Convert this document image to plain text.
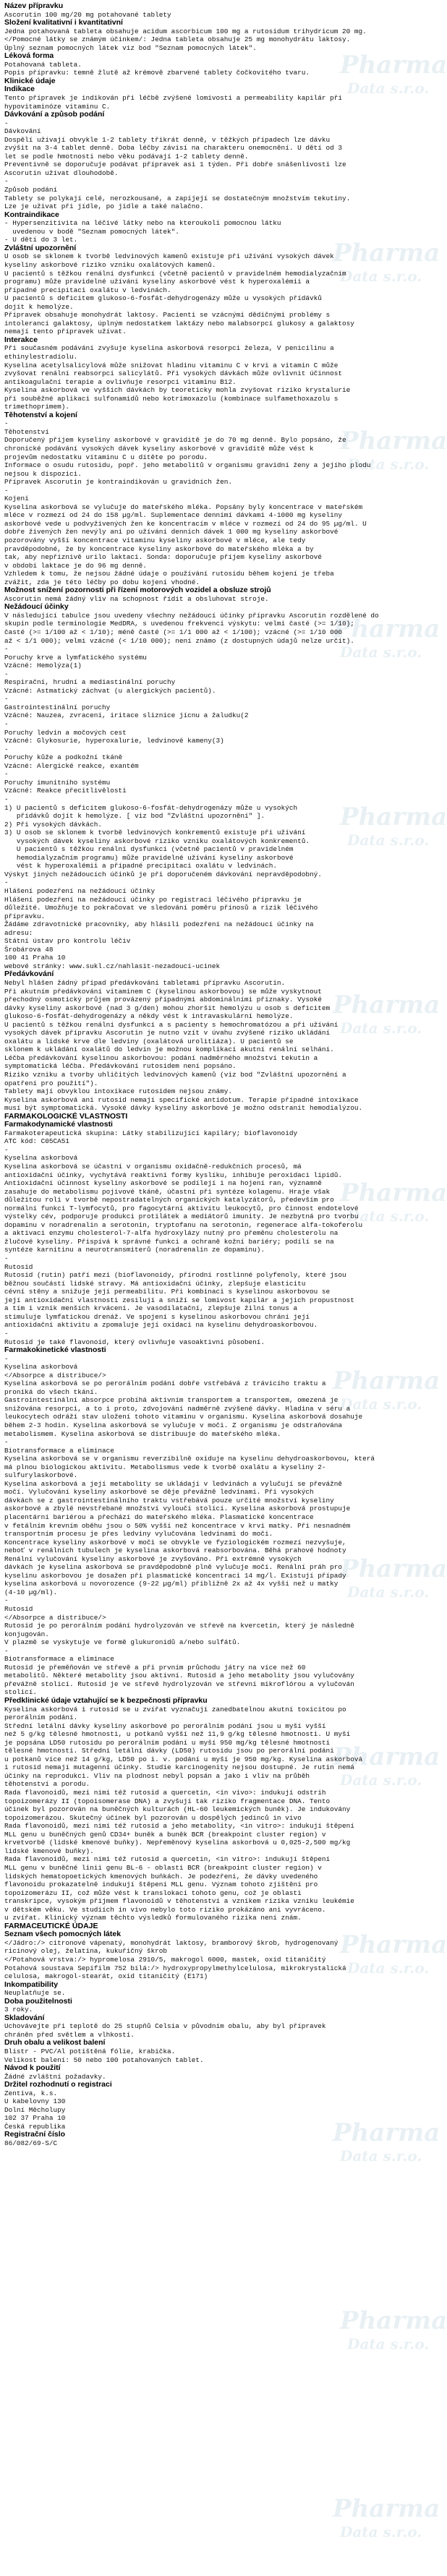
Pharma
Data s.r.o.
Pharma
Data s.r.o.
Pharma
Data s.r.o.
Pharma
Data s.r.o.
Pharma
Data s.r.o.
Pharma
Data s.r.o.
Pharma
Data s.r.o.
Pharma
Data s.r.o.
Pharma
Data s.r.o.
Pharma
Data s.r.o.
Pharma
Data s.r.o.
Pharma
Data s.r.o.
Pharma
Data s.r.o.
Pharma
Data s.r.o.
Název přípravku
Ascorutin 100 mg/20 mg potahované tablety
Složení kvalitativní i kvantitativní
Jedna potahovaná tableta obsahuje acidum ascorbicum 100 mg a rutosidum trihydricum 20 mg.
</Pomocné látky se známým účinkem/: Jedna tableta obsahuje 25 mg monohydrátu laktosy.
Úplný seznam pomocných látek viz bod "Seznam pomocných látek".
Léková forma
Potahovaná tableta.
Popis přípravku: temně žlutě až krémově zbarvené tablety čočkovitého tvaru.
Klinické údaje
Indikace
Tento přípravek je indikován při léčbě zvýšené lomivosti a permeability kapilár při
hypovitaminóze vitaminu C.
Dávkování a způsob podání
-
Dávkování
Dospělí užívají obvykle 1-2 tablety třikrát denně, v těžkých případech lze dávku
zvýšit na 3-4 tablet denně. Doba léčby závisí na charakteru onemocnění. U dětí od 3
let se podle hmotnosti nebo věku podávají 1-2 tablety denně.
Preventivně se doporučuje podávat přípravek asi 1 týden. Při dobře snášenlivosti lze
Ascorutin užívat dlouhodobě.
-
Způsob podání
Tablety se polykají celé, nerozkousané, a zapíjejí se dostatečným množstvím tekutiny.
Lze je užívat při jídle, po jídle a také nalačno.
Kontraindikace
- Hypersenzitivita na léčivé látky nebo na kteroukoli pomocnou látku
uvedenou v bodě "Seznam pomocných látek".
- U dětí do 3 let.
Zvláštní upozornění
U osob se sklonem k tvorbě ledvinových kamenů existuje při užívání vysokých dávek
kyseliny askorbové riziko vzniku oxalátových kamenů.
U pacientů s těžkou renální dysfunkcí (včetně pacientů v pravidelném hemodialyzačním
programu) může pravidelné užívání kyseliny askorbové vést k hyperoxalémii a
případné precipitaci oxalátu v ledvinách.
U pacientů s deficitem glukoso-6-fosfát-dehydrogenázy může u vysokých přídávků
dojít k hemolýze.
Přípravek obsahuje monohydrát laktosy. Pacienti se vzácnými dědičnými problémy s
intolerancí galaktosy, úplným nedostatkem laktázy nebo malabsorpcí glukosy a galaktosy
nemají tento přípravek užívat.
Interakce
Při současném podávání zvyšuje kyselina askorbová resorpci železa, V penicilinu a
ethinylestradiolu.
Kyselina acetylsalicylová může snižovat hladinu vitaminu C v krvi a vitamin C může
zvyšovat renální reabsorpci salicylátů. Při vysokých dávkách může ovlivnit účinnost
antikoagulační terapie a ovlivňuje resorpci vitaminu B12.
Kyselina askorbová ve vyšších dávkách by teoreticky mohla zvyšovat riziko krystalurie
při souběžné aplikaci sulfonamidů nebo kotrimoxazolu (kombinace sulfamethoxazolu s
trimethoprimem).
Těhotenství a kojení
-
Těhotenství
Doporučený příjem kyseliny askorbové v graviditě je do 70 mg denně. Bylo popsáno, že
chronické podávání vysokých dávek kyseliny askorbové v graviditě může vést k
projevům nedostatku vitaminu C u dítěte po porodu.
Informace o osudu rutosidu, popř. jeho metabolitů v organismu gravidní ženy a jejího plodu
nejsou k dispozici.
Přípravek Ascorutin je kontraindikován u gravidních žen.
-
Kojení
Kyselina askorbová se vylučuje do mateřského mléka. Popsány byly koncentrace v mateřském
mléce v rozmezí od 24 do 158 µg/ml. Suplementace dennímí dávkami 4-1000 mg kyseliny
askorbové vede u podvyživených žen ke koncentracím v mléce v rozmezí od 24 do 95 µg/ml. U
dobře živených žen nevýly ani po užívání denních dávek 1 000 mg kyseliny askorbové
pozorovány vyšší koncentrace vitaminu kyseliny askorbové v mléce, ale tedy
pravděpodobné, že by koncentrace kyseliny askorbové do mateřského mléka a by
tak, aby nepříznivě urilo laktaci. Sonda: doporučuje příjem kyseliny askorbové
v období laktace je do 96 mg denně.
Vzhledem k tomu, že nejsou žádné údaje o používání rutosidu během kojení je třeba
zvážit, zda je této léčby po dobu kojení vhodné.
Možnost snížení pozornosti při řízení motorových vozidel a obsluze strojů
Ascorutin nemá žádný vliv na schopnost řídit a obsluhovat stroje.
Nežádoucí účinky
V následující tabulce jsou uvedeny všechny nežádoucí účinky přípravku Ascorutin rozdělené do
skupin podle terminologie MedDRA, s uvedenou frekvencí výskytu: velmi časté (>= 1/10);
časté (>= 1/100 až < 1/10); méně časté (>= 1/1 000 až < 1/100); vzácné (>= 1/10 000
až < 1/1 000); velmi vzácné (< 1/10 000); není známo (z dostupných údajů nelze určit).
-
Poruchy krve a lymfatického systému
Vzácné: Hemolýza(1)
-
Respirační, hrudní a mediastinální poruchy
Vzácné: Astmatický záchvat (u alergických pacientů).
-
Gastrointestinální poruchy
Vzácné: Nauzea, zvracení, iritace sliznice jícnu a žaludku(2
-
Poruchy ledvin a močových cest
Vzácné: Glykosurie, hyperoxalurie, ledvinové kameny(3)
-
Poruchy kůže a podkožní tkáně
Vzácné: Alergické reakce, exantém
-
Poruchy imunitního systému
Vzácné: Reakce přecitlivělosti
-
1) U pacientů s deficitem glukoso-6-fosfát-dehydrogenázy může u vysokých
přídávků dojít k hemolýze. [ viz bod "Zvláštní upozornění" ].
2) Při vysokých dávkách.
3) U osob se sklonem k tvorbě ledvinových konkrementů existuje při užívání
vysokých dávek kyseliny askorbové riziko vzniku oxalátových konkrementů.
U pacientů s těžkou renální dysfunkcí (včetně pacientů v pravidelném
hemodialyzačním programu) může pravidelné užívání kyseliny askorbové
vést k hyperoxalémii a případné precipitaci oxalátu v ledvinách.
Výskyt jiných nežádoucích účinků je při doporučeném dávkování nepravděpodobný.
-
Hlášení podezření na nežádoucí účinky
Hlášení podezření na nežádoucí účinky po registraci léčivého přípravku je
důležité. Umožňuje to pokračovat ve sledování poměru přínosů a rizik léčivého
přípravku.
Žádáme zdravotnické pracovníky, aby hlásili podezření na nežádoucí účinky na
adresu:
Státní ústav pro kontrolu léčiv
Šrobárova 48
100 41 Praha 10
webové stránky: www.sukl.cz/nahlasit-nezadouci-ucinek
Předávkování
Nebyl hlášen žádný případ předávkování tabletami přípravku Ascorutin.
Při akutním předávkování vitaminem C (kyselinou askorbovou) se může vyskytnout
přechodný osmotický průjem provázený případnými abdominálními příznaky. Vysoké
dávky kyseliny askorbové (nad 3 g/den) mohou zhoršit hemolýzu u osob s deficitem
glukoso-6-fosfát-dehydrogenázy a někdy vést k intravaskulární hemolýze.
U pacientů s těžkou renální dysfunkcí a s pacienty s hemochromatózou a při užívání
vysokých dávek přípravku Ascorutin je nutno vzít v úvahu zvýšené riziko ukládání
oxalátu a lidské krve dle ledviny (oxalátová urolitiáza). U pacientů se
sklonem k ukládání oxalátů do ledvin je možnou komplikací akutní renální selhání.
Léčba předávkování kyselinou askorbovou: podání nadměrného množství tekutin a
symptomatická léčba. Předávkování rutosidem není popsáno.
Riziko vzniku a tvorby uhličitých ledvinových kamenů (viz bod "Zvláštní upozornění a
opatření pro použití").
Tablety mají obvyklou intoxikace rutosidem nejsou známy.
Kyselina askorbová ani rutosid nemají specifické antidotum. Terapie případné intoxikace
musí být symptomatická. Vysoké dávky kyseliny askorbové je možno odstranit hemodialýzou.
FARMAKOLOGICKÉ VLASTNOSTI
Farmakodynamické vlastnosti
Farmakoterapeutická skupina: Látky stabilizující kapiláry; bioflavonoidy
ATC kód: C05CA51
-
Kyselina askorbová
Kyselina askorbová se účastní v organismu oxidačně-redukčních procesů, má
antioxidační účinky, vychytává reaktivní formy kyslíku, inhibuje peroxidaci lipidů.
Antioxidační účinnost kyseliny askorbové se podílejí i na hojení ran, významně
zasahuje do metabolismu pojivové tkáně, účastní při syntéze kolagenu. Hraje však
důležitou roli v tvorbě nepostradatelných organických katalyzátorů, především pro
normální funkci T-lymfocytů, pro fagocytární aktivitu leukocytů, pro činnost endotelové
výstelky cév, podporuje produkci protilátek a mediátorů imunity. Je nezbytná pro tvorbu
dopaminu v noradrenalin a serotonin, tryptofanu na serotonin, regenerace alfa-tokoferolu
a aktivaci enzymu cholesterol-7-alfa hydroxylázy nutný pro přeměnu cholesterolu na
žlučové kyseliny. Přispívá k správné funkci a ochraně kožní bariéry; podílí se na
syntéze karnitinu a neurotransmiterů (noradrenalin ze dopaminu).
-
Rutosid
Rutosid (rutin) patří mezi (bioflavonoidy, přírodní rostlinné polyfenoly, které jsou
běžnou součástí lidské stravy. Má antioxidační účinky, zlepšuje elasticitu
cévní stěny a snižuje její permeabilitu. Při kombinaci s kyselinou askorbovou se
její antioxidační vlastnosti zesilují a sníží se lomivost kapilár a jejich propustnost
a tím i vznik menších krvácení. Je vasodilatační, zlepšuje žilní tonus a
stimuluje lymfatickou drenáž. Ve spojení s kyselinou askorbovou chrání její
antioxidační aktivitu a zpomaluje její oxidaci na kyselinu dehydroaskorbovou.
-
Rutosid je také flavonoid, který ovlivňuje vasoaktivní působení.
Farmakokinetické vlastnosti
-
Kyselina askorbová
</Absorpce a distribuce/>
Kyselina askorbová se po perorálním podání dobře vstřebává z trávicího traktu a
proniká do všech tkání.
Gastrointestinální absorpce probíhá aktivním transportem a transportem, omezená je
snižována resorpci, a to i proto, zdvojování nadměrně zvýšené dávky. Hladina v séru a
leukocytech odráží stav uložení tohoto vitaminu v organismu. Kyselina askorbová dosahuje
během 2-3 hodin. Kyselina askorbová se vylučuje v moči. Z organismu je odstraňována
metabolismem. Kyselina askorbová se distribuuje do mateřského mléka.
-
Biotransformace a eliminace
Kyselina askorbová se v organismu reverzibilně oxiduje na kyselinu dehydroaskorbovou, která
má plnou biologickou aktivitu. Metabolismus vede k tvorbě oxalátu a kyseliny 2-
sulfurylaskorbové.
Kyselina askorbová a její metabolity se ukládají v ledvinách a vylučují se převážně
močí. Vylučování kyseliny askorbové se děje převážně ledvinami. Při vysokých
dávkách se z gastrointestinálního traktu vstřebává pouze určité množství kyseliny
askorbové a zbylé nevstřebané množství vyloučí stolicí. Kyselina askorbová prostupuje
placentární bariérou a přechází do mateřského mléka. Plasmatické koncentrace
v fetálním krevním oběhu jsou o 50% vyšší než koncentrace v krvi matky. Při nesnadném
transportním procesu je přes ledviny vylučována ledvinami do moči.
Koncentrace kyseliny askorbové v moči se obvykle ve fyziologickém rozmezí nezvyšuje,
neboť v renálních tubulech je kyselina askorbová reabsorbována. Běhá prahové hodnoty
Renální vylučování kyseliny askorbové je zvyšováno. Při extrémně vysokých
dávkách je kyselina askorbová se pravděpodobně plně vylučuje močí. Renální práh pro
kyselinu askorbovou je dosažen při plasmatické koncentraci 14 mg/l. Existují případy
kyselina askorbová u novorozence (9-22 µg/ml) přibližně 2x až 4x vyšší než u matky
(4-10 µg/ml).
-
Rutosid
</Absorpce a distribuce/>
Rutosid je po perorálním podání hydrolyzován ve střevě na kvercetin, který je následně
konjugován.
V plazmě se vyskytuje ve formě glukuronidů a/nebo sulfátů.
-
Biotransformace a eliminace
Rutosid je přeměňován ve střevě a při prvním průchodu játry na více než 60
metabolitů. Některé metabolity jsou aktivní. Rutosid a jeho metabolity jsou vylučovány
převážně stolicí. Rutosid je ve střevě hydrolyzován ve střevní mikroflórou a vylučován
stolicí.
Předklinické údaje vztahující se k bezpečnosti přípravku
Kyselina askorbová i rutosid se u zvířat vyznačují zanedbatelnou akutní toxicitou po
perorálním podání.
Střední letální dávky kyseliny askorbové po perorálním podání jsou u myší vyšší
než 5 g/kg tělesné hmotnosti, u potkanů vyšší než 11,9 g/kg tělesné hmotnosti. U myší
je popsána LD50 rutosidu po perorálním podání u myší 950 mg/kg tělesné hmotnosti
tělesné hmotnosti. Střední letální dávky (LD50) rutosidu jsou po perorální podání
u potkanů více než 14 g/kg, LD50 po i. v. podání u myší je 950 mg/kg. Kyselina askorbová
i rutosid nemají mutagenní účinky. Studie karcinogenity nejsou dostupné. Je rutin nemá
účinky na reprodukci. Vliv na plodnost nebyl popsán a jako i vliv na průběh
těhotenství a porodu.
Rada flavonoidů, mezi nimi též rutosid a quercetin, <in vivo>: indukují odstrih
topoizomerázy II (topoisomerase DNA) a zvyšují tak riziko fragmentace DNA. Tento
účinek byl pozorován na buněčných kulturách (HL-60 leukemických buněk). Je indukovány
topoizomerázou. Skutečný účinek byl pozorován u dospělých jedinců in vivo
Rada flavonoidů, mezi nimi též rutosid a jeho metabolity, <in vitro>: indukují štěpení
MLL genu u buněčných genů CD34+ buněk a buněk BCR (breakpoint cluster region) v
krvetvorbě (lidské kmenové buňky). Nepřeměnový kyselina askorbová u 0,025-2,500 mg/kg
lidské kmenové buňky).
Rada flavonoidů, mezi nimi též rutosid a quercetin, <in vitro>: indukují štěpení
MLL genu v buněčné linii genu BL-6 - oblasti BCR (breakpoint cluster region) v
lidských hematopoetických kmenových buňkách. Je podezření, že dávky uvedeného
flavonoidu prokazatelně indukují štěpení MLL genu. Význam tohoto zjištění pro
topoizomerázu II, což může vést k translokaci tohoto genu, což je oblasti
transkripce, vysokým příjmem flavonoidů v těhotenství a vznikem rizika vzniku leukémie
v dětském věku. Ve studiích in vivo nebylo toto riziko prokázáno ani vyvráceno.
u zvířat. Klinický význam těchto výsledků formulovaného rizika není znám.
FARMACEUTICKÉ ÚDAJE
Seznam všech pomocných látek
</Jádro:/> citronové vápenatý, monohydrát laktosy, bramborový škrob, hydrogenovaný
ricinový olej, želatina, kukuřičný škrob
</Potahová vrstva:/> hypromelosa 2910/5, makrogol 6000, mastek, oxid titaničitý
Potahová soustava Sepifilm 752 bílá:/> hydroxypropylmethylcelulosa, mikrokrystalická
celulosa, makrogol-stearát, oxid titaničitý (E171)
Inkompatibility
Neuplatňuje se.
Doba použitelnosti
3 roky.
Skladování
Uchovávejte při teplotě do 25 stupňů Celsia v původním obalu, aby byl přípravek
chráněn před světlem a vlhkostí.
Druh obalu a velikost balení
Blistr - PVC/Al potištěná fólie, krabička.
Velikost balení: 50 nebo 100 potahovaných tablet.
Návod k použití
Žádné zvláštní požadavky.
Držitel rozhodnutí o registraci
Zentiva, k.s.
U kabelovny 130
Dolní Měcholupy
102 37 Praha 10
Česká republika
Registrační číslo
86/082/69-S/C
